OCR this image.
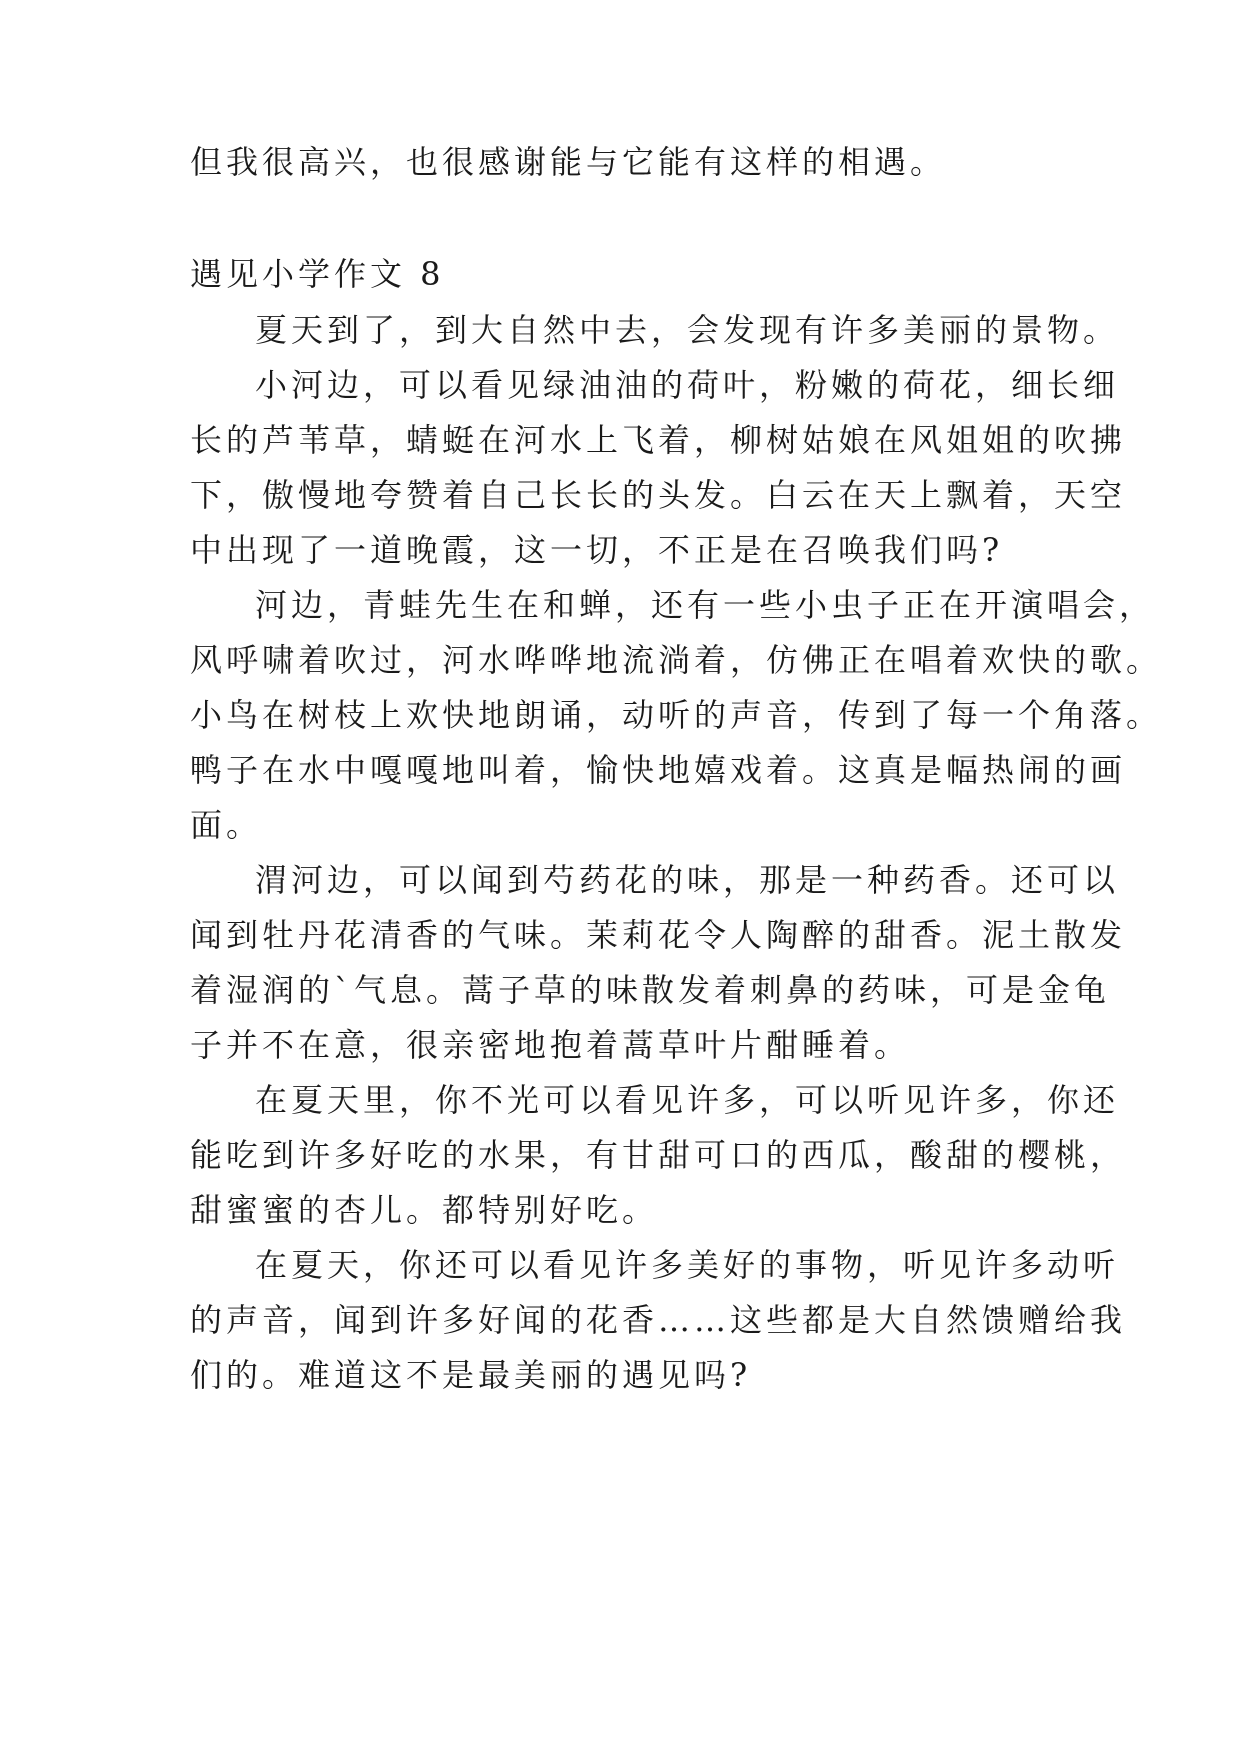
但我很高兴，也很感谢能与它能有这样的相遇。

遇见小学作文 8

夏天到了，到大自然中去，会发现有许多美丽的景物。

小河边，可以看见绿油油的荷叶，粉嫩的荷花，细长细

长的芦苇草，蜻蜓在河水上飞着，柳树姑娘在风姐姐的吹拂

下，傲慢地夸赞着自己长长的头发。白云在天上飘着，天空

中出现了一道晚霞，这一切，不正是在召唤我们吗?

河边，青蛙先生在和蝉，还有一些小虫子正在开演唱会，

风呼啸着吹过，河水哗哗地流淌着，仿佛正在唱着欢快的歌。

小鸟在树枝上欢快地朗诵，动听的声音，传到了每一个角落。

鸭子在水中嘎嘎地叫着，愉快地嬉戏着。这真是幅热闹的画

面。

渭河边，可以闻到芍药花的味，那是一种药香。还可以

闻到牡丹花清香的气味。茉莉花令人陶醉的甜香。泥土散发

着湿润的`气息。蒿子草的味散发着刺鼻的药味，可是金龟

子并不在意，很亲密地抱着蒿草叶片酣睡着。

在夏天里，你不光可以看见许多，可以听见许多，你还

能吃到许多好吃的水果，有甘甜可口的西瓜，酸甜的樱桃，

甜蜜蜜的杏儿。都特别好吃。

在夏天，你还可以看见许多美好的事物，听见许多动听

的声音，闻到许多好闻的花香……这些都是大自然馈赠给我

们的。难道这不是最美丽的遇见吗?
